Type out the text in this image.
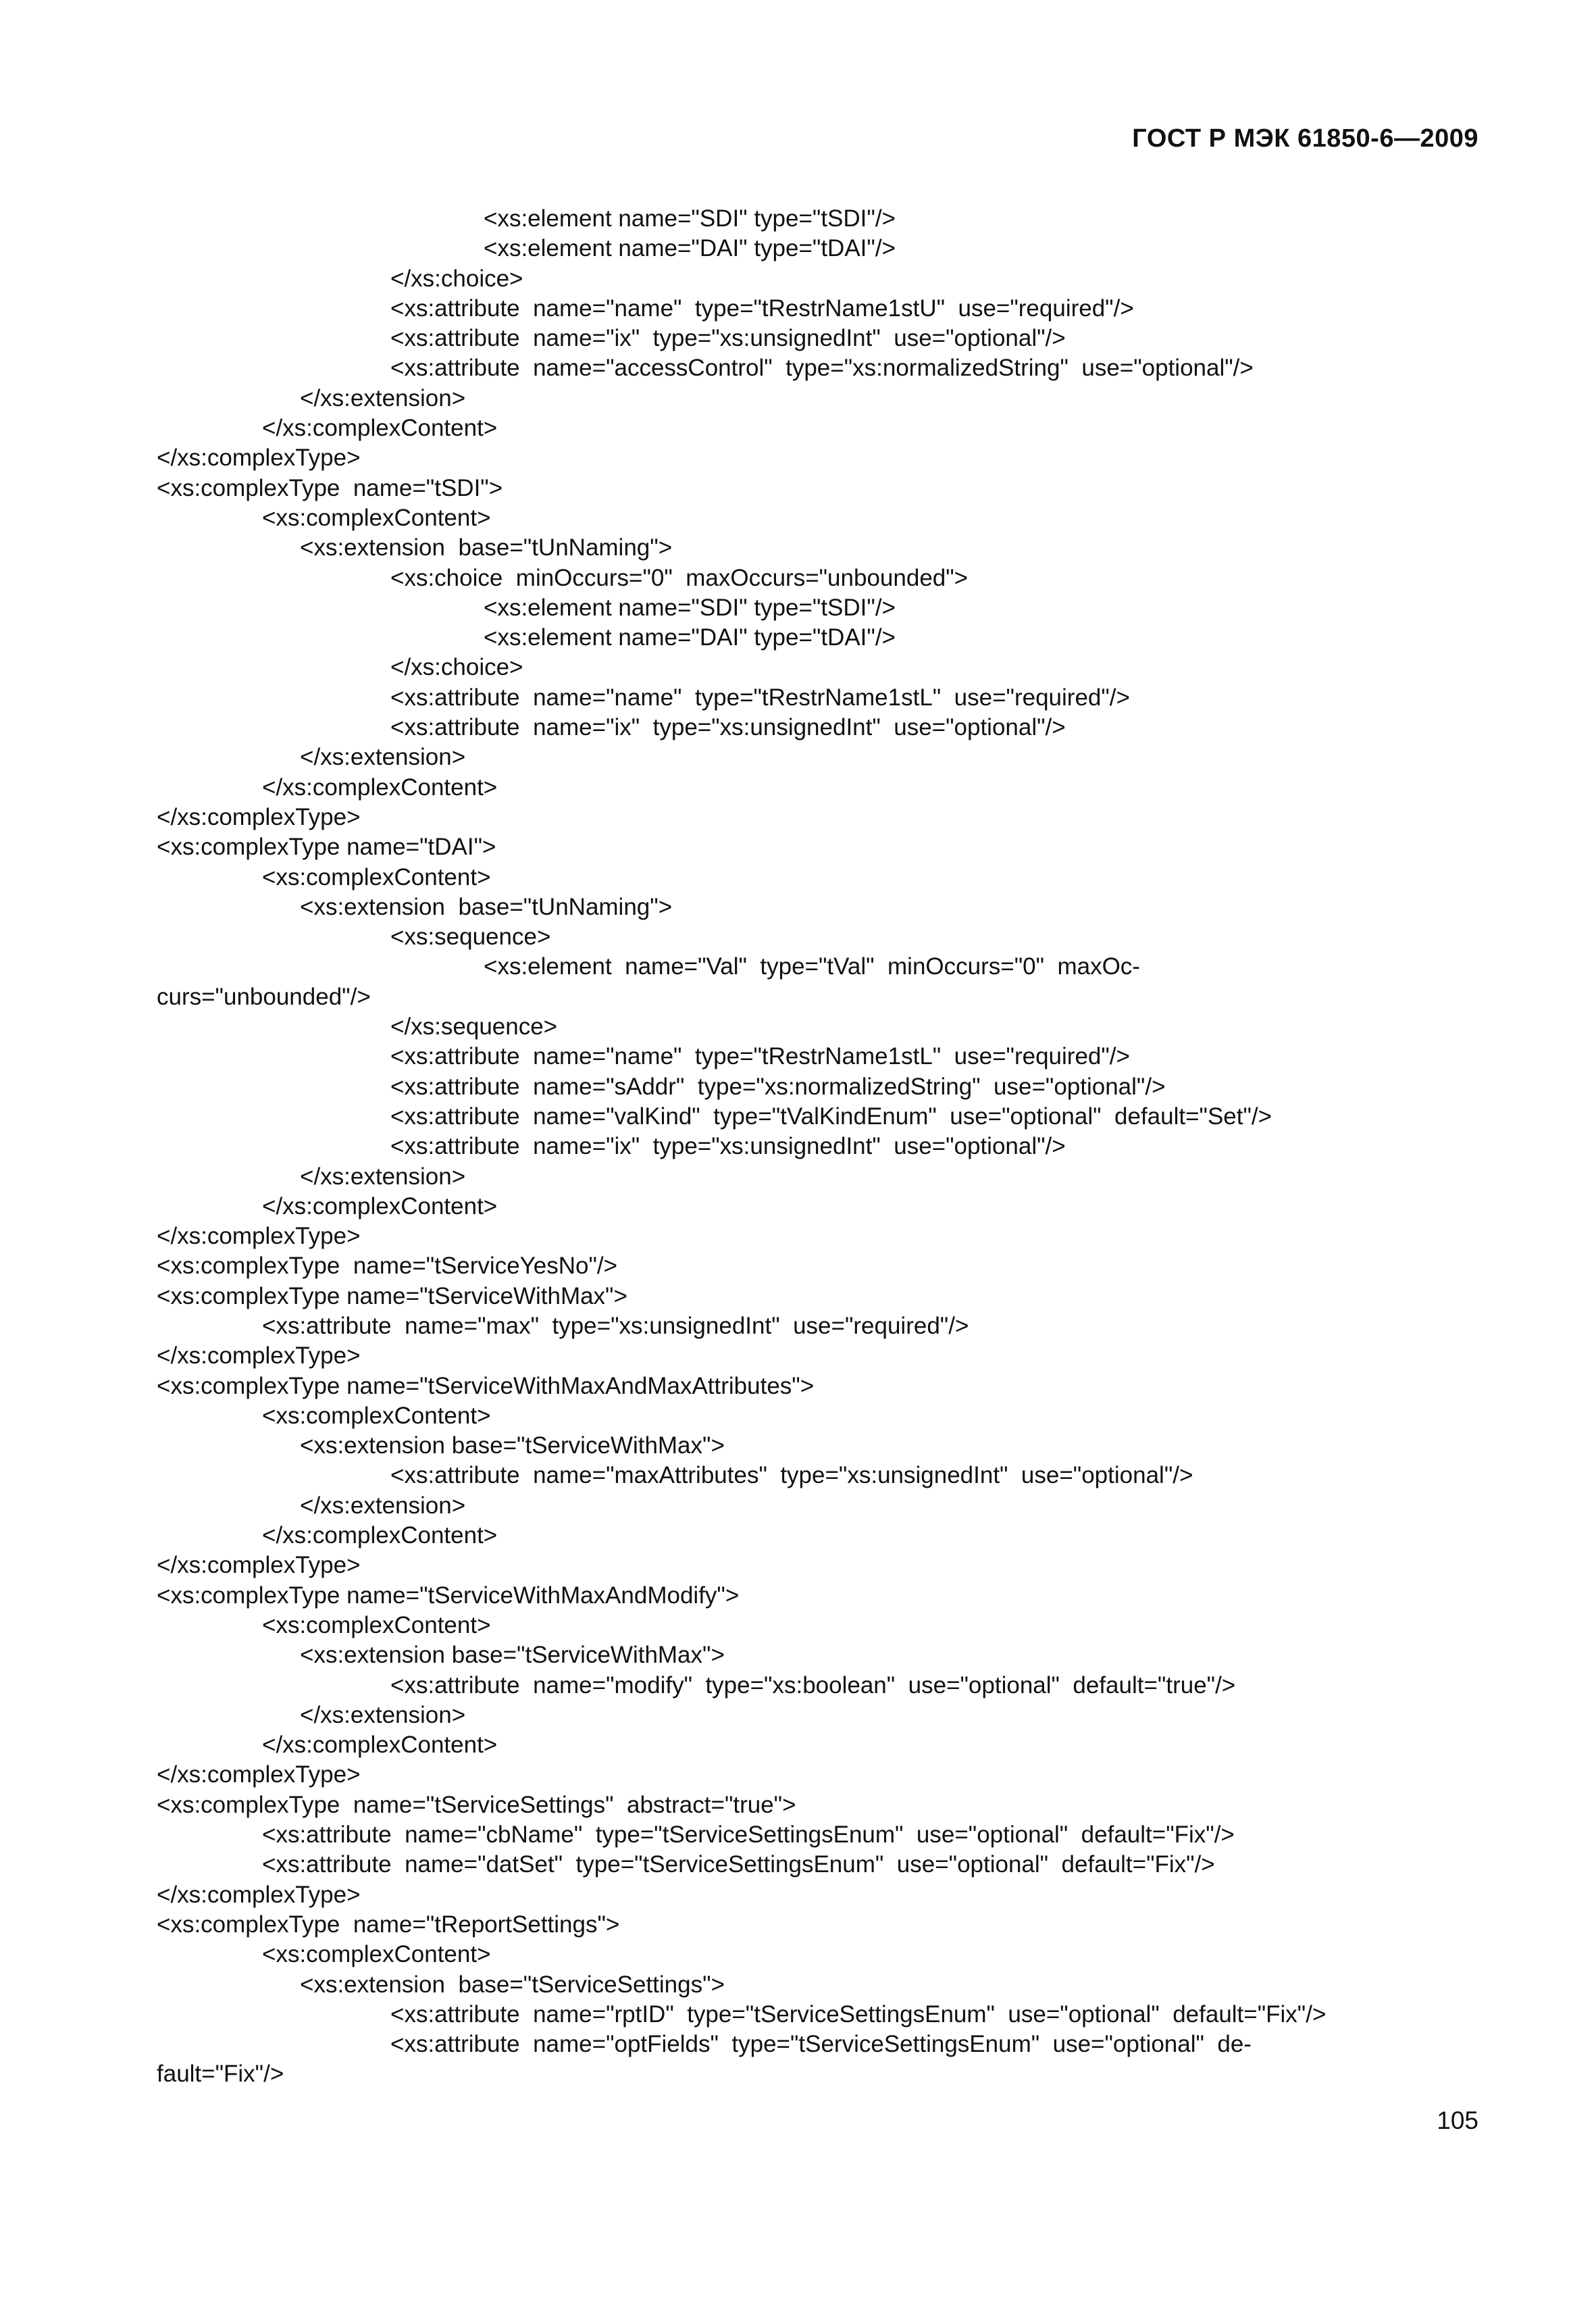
ГОСТ Р МЭК 61850-6—2009
<xs:element name="SDI" type="tSDI"/>
<xs:element name="DAI" type="tDAI"/>
</xs:choice>
<xs:attribute  name="name"  type="tRestrName1stU"  use="required"/>
<xs:attribute  name="ix"  type="xs:unsignedInt"  use="optional"/>
<xs:attribute  name="accessControl"  type="xs:normalizedString"  use="optional"/>
</xs:extension>
</xs:complexContent>
</xs:complexType>
<xs:complexType  name="tSDI">
<xs:complexContent>
<xs:extension  base="tUnNaming">
<xs:choice  minOccurs="0"  maxOccurs="unbounded">
<xs:element name="SDI" type="tSDI"/>
<xs:element name="DAI" type="tDAI"/>
</xs:choice>
<xs:attribute  name="name"  type="tRestrName1stL"  use="required"/>
<xs:attribute  name="ix"  type="xs:unsignedInt"  use="optional"/>
</xs:extension>
</xs:complexContent>
</xs:complexType>
<xs:complexType name="tDAI">
<xs:complexContent>
<xs:extension  base="tUnNaming">
<xs:sequence>
<xs:element  name="Val"  type="tVal"  minOccurs="0"  maxOc-
curs="unbounded"/>
</xs:sequence>
<xs:attribute  name="name"  type="tRestrName1stL"  use="required"/>
<xs:attribute  name="sAddr"  type="xs:normalizedString"  use="optional"/>
<xs:attribute  name="valKind"  type="tValKindEnum"  use="optional"  default="Set"/>
<xs:attribute  name="ix"  type="xs:unsignedInt"  use="optional"/>
</xs:extension>
</xs:complexContent>
</xs:complexType>
<xs:complexType  name="tServiceYesNo"/>
<xs:complexType name="tServiceWithMax">
<xs:attribute  name="max"  type="xs:unsignedInt"  use="required"/>
</xs:complexType>
<xs:complexType name="tServiceWithMaxAndMaxAttributes">
<xs:complexContent>
<xs:extension base="tServiceWithMax">
<xs:attribute  name="maxAttributes"  type="xs:unsignedInt"  use="optional"/>
</xs:extension>
</xs:complexContent>
</xs:complexType>
<xs:complexType name="tServiceWithMaxAndModify">
<xs:complexContent>
<xs:extension base="tServiceWithMax">
<xs:attribute  name="modify"  type="xs:boolean"  use="optional"  default="true"/>
</xs:extension>
</xs:complexContent>
</xs:complexType>
<xs:complexType  name="tServiceSettings"  abstract="true">
<xs:attribute  name="cbName"  type="tServiceSettingsEnum"  use="optional"  default="Fix"/>
<xs:attribute  name="datSet"  type="tServiceSettingsEnum"  use="optional"  default="Fix"/>
</xs:complexType>
<xs:complexType  name="tReportSettings">
<xs:complexContent>
<xs:extension  base="tServiceSettings">
<xs:attribute  name="rptID"  type="tServiceSettingsEnum"  use="optional"  default="Fix"/>
<xs:attribute  name="optFields"  type="tServiceSettingsEnum"  use="optional"  de-
fault="Fix"/>
105
